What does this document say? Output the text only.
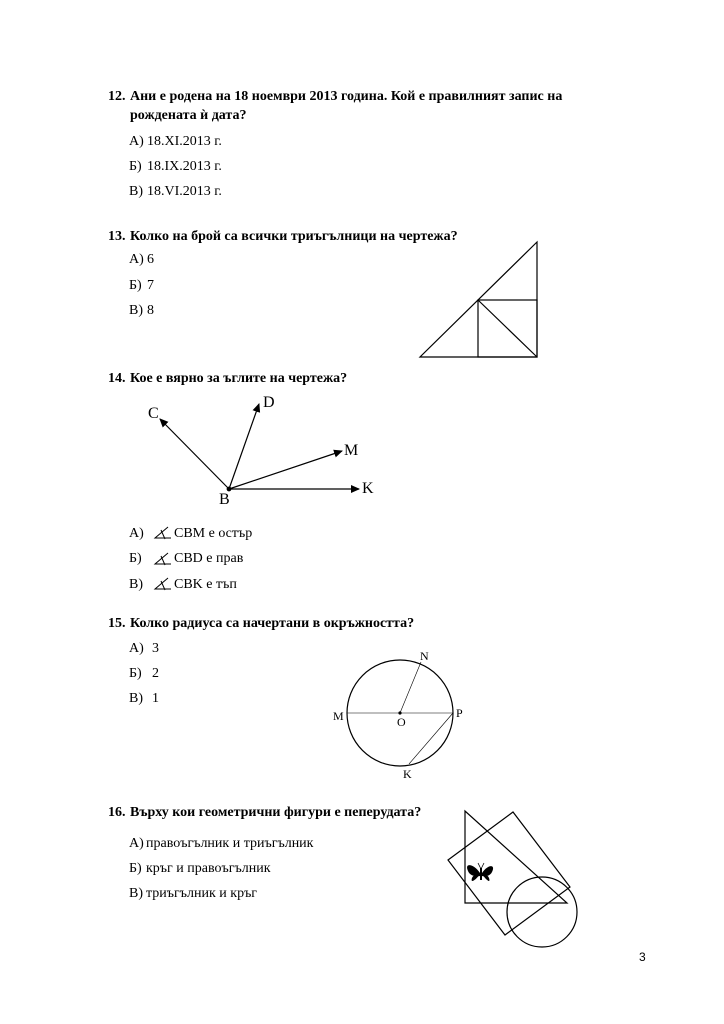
12. Ани е родена на 18 ноември 2013 година. Кой е правилният запис на
рождената ѝ дата?
А) 18.XI.2013 г.
Б) 18.IX.2013 г.
В) 18.VI.2013 г.
13. Колко на брой са всички триъгълници на чертежа?
А) 6
Б) 7
В) 8
C
D
M
K
B
14. Кое е вярно за ъглите на чертежа?
А) CBM е остър
Б) CBD е прав
В) CBK е тъп
15. Колко радиуса са начертани в окръжността?
А) 3
Б) 2
В) 1
N
M	O
P
K
16. Върху кои геометрични фигури е пеперудата?
А) правоъгълник и триъгълник
Б) кръг и правоъгълник
В) триъгълник и кръг
3
